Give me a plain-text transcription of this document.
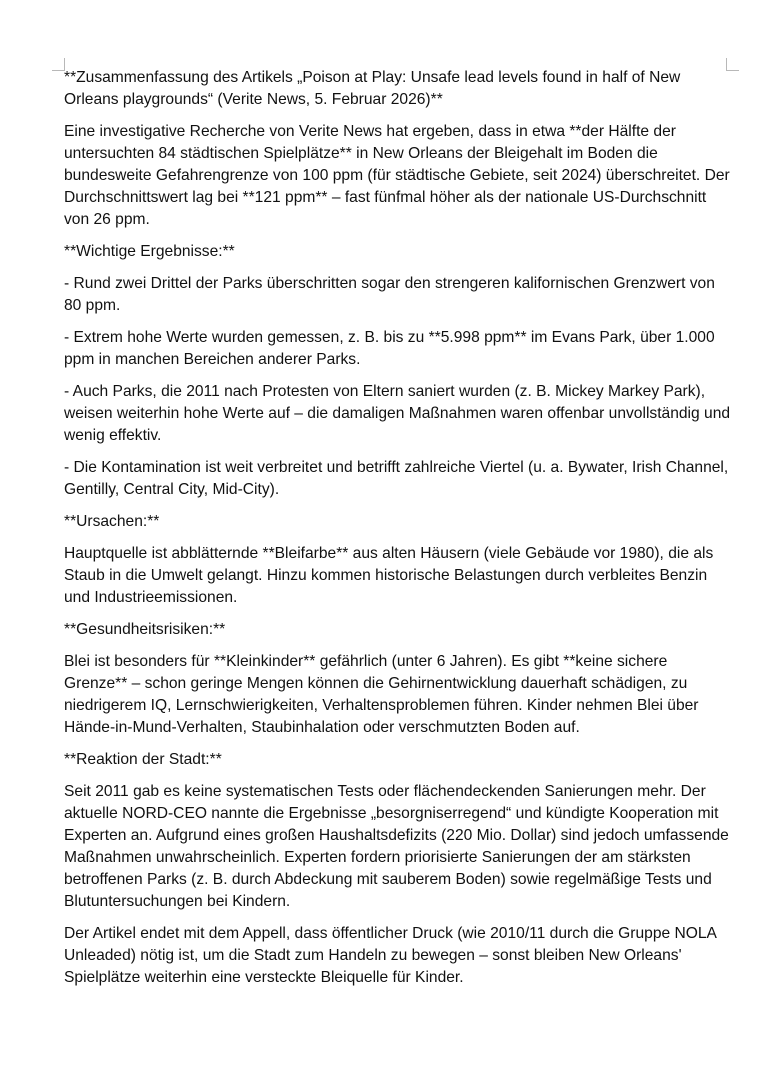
**Zusammenfassung des Artikels „Poison at Play: Unsafe lead levels found in half of New Orleans playgrounds“ (Verite News, 5. Februar 2026)**

Eine investigative Recherche von Verite News hat ergeben, dass in etwa **der Hälfte der untersuchten 84 städtischen Spielplätze** in New Orleans der Bleigehalt im Boden die bundesweite Gefahrengrenze von 100 ppm (für städtische Gebiete, seit 2024) überschreitet. Der Durchschnittswert lag bei **121 ppm** – fast fünfmal höher als der nationale US-Durchschnitt von 26 ppm.

**Wichtige Ergebnisse:**

- Rund zwei Drittel der Parks überschritten sogar den strengeren kalifornischen Grenzwert von 80 ppm.

- Extrem hohe Werte wurden gemessen, z. B. bis zu **5.998 ppm** im Evans Park, über 1.000 ppm in manchen Bereichen anderer Parks.

- Auch Parks, die 2011 nach Protesten von Eltern saniert wurden (z. B. Mickey Markey Park), weisen weiterhin hohe Werte auf – die damaligen Maßnahmen waren offenbar unvollständig und wenig effektiv.

- Die Kontamination ist weit verbreitet und betrifft zahlreiche Viertel (u. a. Bywater, Irish Channel, Gentilly, Central City, Mid-City).

**Ursachen:**

Hauptquelle ist abblätternde **Bleifarbe** aus alten Häusern (viele Gebäude vor 1980), die als Staub in die Umwelt gelangt. Hinzu kommen historische Belastungen durch verbleites Benzin und Industrieemissionen.

**Gesundheitsrisiken:**

Blei ist besonders für **Kleinkinder** gefährlich (unter 6 Jahren). Es gibt **keine sichere Grenze** – schon geringe Mengen können die Gehirnentwicklung dauerhaft schädigen, zu niedrigerem IQ, Lernschwierigkeiten, Verhaltensproblemen führen. Kinder nehmen Blei über Hände-in-Mund-Verhalten, Staubinhalation oder verschmutzten Boden auf.

**Reaktion der Stadt:**

Seit 2011 gab es keine systematischen Tests oder flächendeckenden Sanierungen mehr. Der aktuelle NORD-CEO nannte die Ergebnisse „besorgniserregend“ und kündigte Kooperation mit Experten an. Aufgrund eines großen Haushaltsdefizits (220 Mio. Dollar) sind jedoch umfassende Maßnahmen unwahrscheinlich. Experten fordern priorisierte Sanierungen der am stärksten betroffenen Parks (z. B. durch Abdeckung mit sauberem Boden) sowie regelmäßige Tests und Blutuntersuchungen bei Kindern.

Der Artikel endet mit dem Appell, dass öffentlicher Druck (wie 2010/11 durch die Gruppe NOLA Unleaded) nötig ist, um die Stadt zum Handeln zu bewegen – sonst bleiben New Orleans' Spielplätze weiterhin eine versteckte Bleiquelle für Kinder.
